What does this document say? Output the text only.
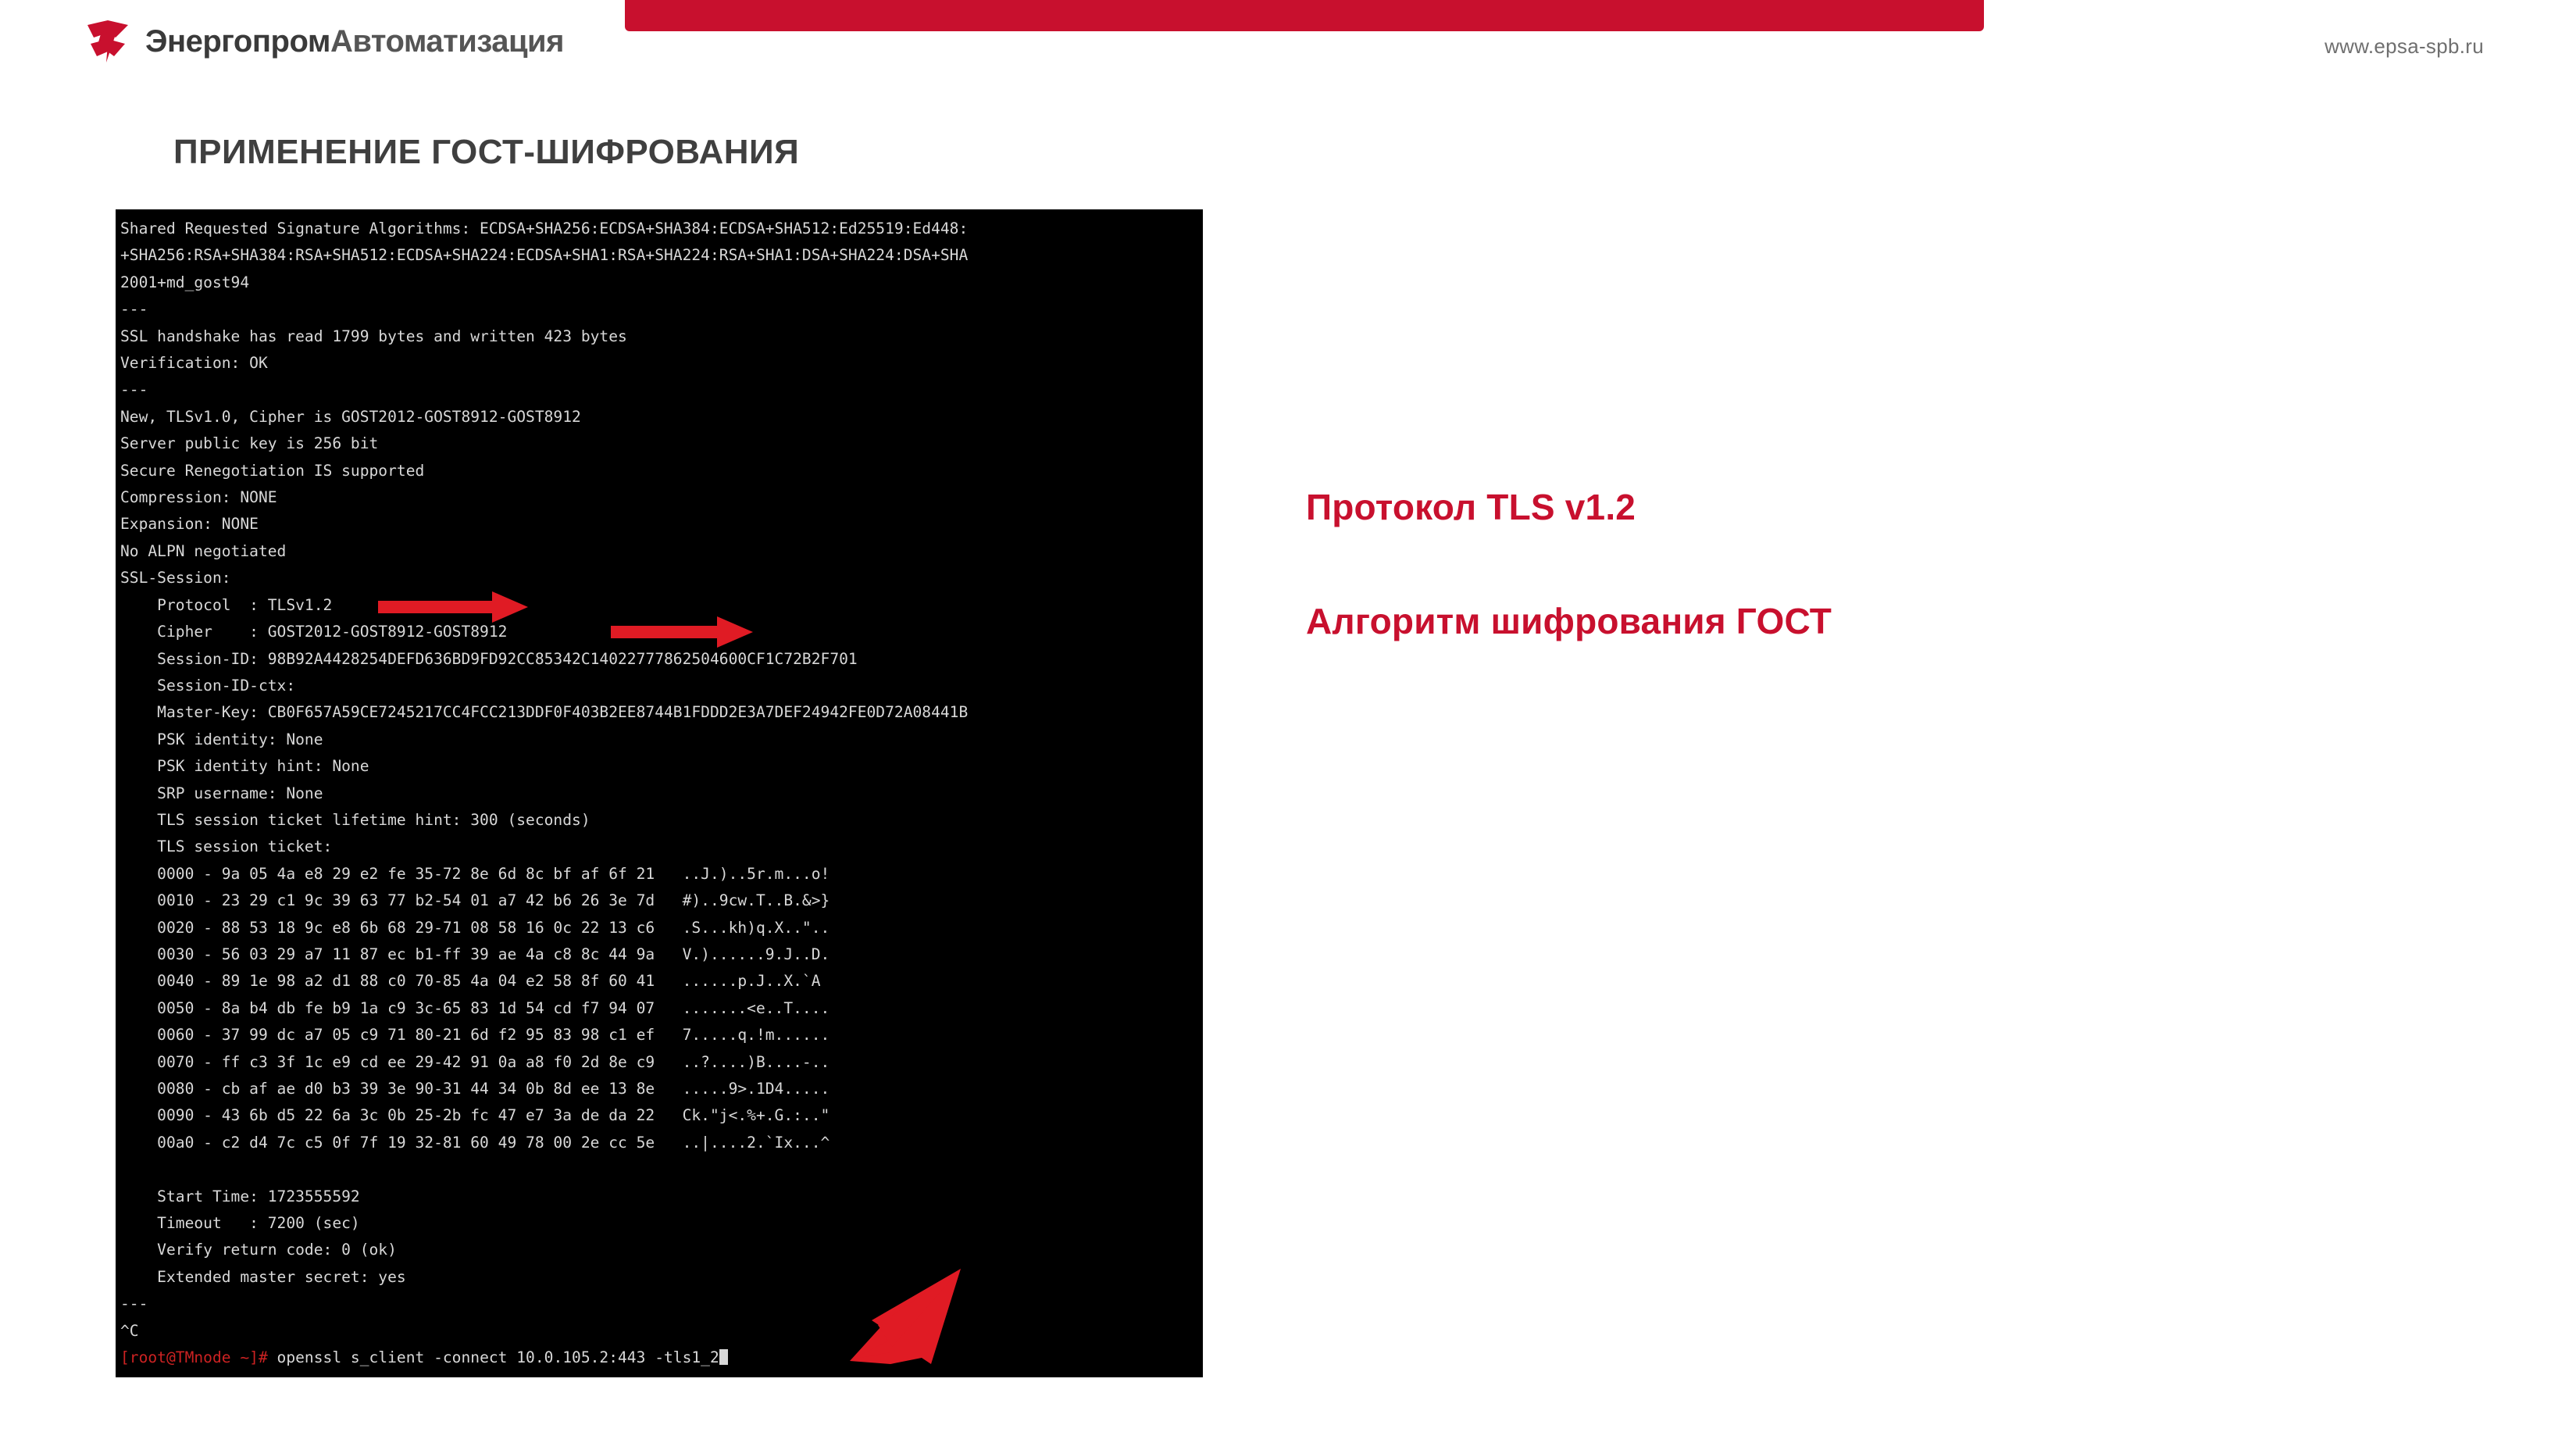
ЭнергопромАвтоматизация	www.epsa-spb.ru
ПРИМЕНЕНИЕ ГОСТ-ШИФРОВАНИЯ
Shared Requested Signature Algorithms: ECDSA+SHA256:ECDSA+SHA384:ECDSA+SHA512:Ed25519:Ed448:
+SHA256:RSA+SHA384:RSA+SHA512:ECDSA+SHA224:ECDSA+SHA1:RSA+SHA224:RSA+SHA1:DSA+SHA224:DSA+SHA
2001+md_gost94
---
SSL handshake has read 1799 bytes and written 423 bytes
Verification: OK
---
New, TLSv1.0, Cipher is GOST2012-GOST8912-GOST8912
Server public key is 256 bit
Secure Renegotiation IS supported
Compression: NONE
Expansion: NONE
No ALPN negotiated
SSL-Session:
Protocol  : TLSv1.2
Cipher    : GOST2012-GOST8912-GOST8912
Session-ID: 98B92A4428254DEFD636BD9FD92CC85342C14022777862504600CF1C72B2F701
Session-ID-ctx:
Master-Key: CB0F657A59CE7245217CC4FCC213DDF0F403B2EE8744B1FDDD2E3A7DEF24942FE0D72A08441B
PSK identity: None
PSK identity hint: None
SRP username: None
TLS session ticket lifetime hint: 300 (seconds)
TLS session ticket:
0000 - 9a 05 4a e8 29 e2 fe 35-72 8e 6d 8c bf af 6f 21   ..J.)..5r.m...o!
0010 - 23 29 c1 9c 39 63 77 b2-54 01 a7 42 b6 26 3e 7d   #)..9cw.T..B.&>}
0020 - 88 53 18 9c e8 6b 68 29-71 08 58 16 0c 22 13 c6   .S...kh)q.X.."..
0030 - 56 03 29 a7 11 87 ec b1-ff 39 ae 4a c8 8c 44 9a   V.)......9.J..D.
0040 - 89 1e 98 a2 d1 88 c0 70-85 4a 04 e2 58 8f 60 41   ......p.J..X.`A
0050 - 8a b4 db fe b9 1a c9 3c-65 83 1d 54 cd f7 94 07   .......<e..T....
0060 - 37 99 dc a7 05 c9 71 80-21 6d f2 95 83 98 c1 ef   7.....q.!m......
0070 - ff c3 3f 1c e9 cd ee 29-42 91 0a a8 f0 2d 8e c9   ..?....)B....-..
0080 - cb af ae d0 b3 39 3e 90-31 44 34 0b 8d ee 13 8e   .....9>.1D4.....
0090 - 43 6b d5 22 6a 3c 0b 25-2b fc 47 e7 3a de da 22   Ck."j<.%+.G.:.."
00a0 - c2 d4 7c c5 0f 7f 19 32-81 60 49 78 00 2e cc 5e   ..|....2.`Ix...^

Start Time: 1723555592
Timeout   : 7200 (sec)
Verify return code: 0 (ok)
Extended master secret: yes
---
^C
[root@TMnode ~]# openssl s_client -connect 10.0.105.2:443 -tls1_2
Протокол TLS v1.2
Алгоритм шифрования ГОСТ
